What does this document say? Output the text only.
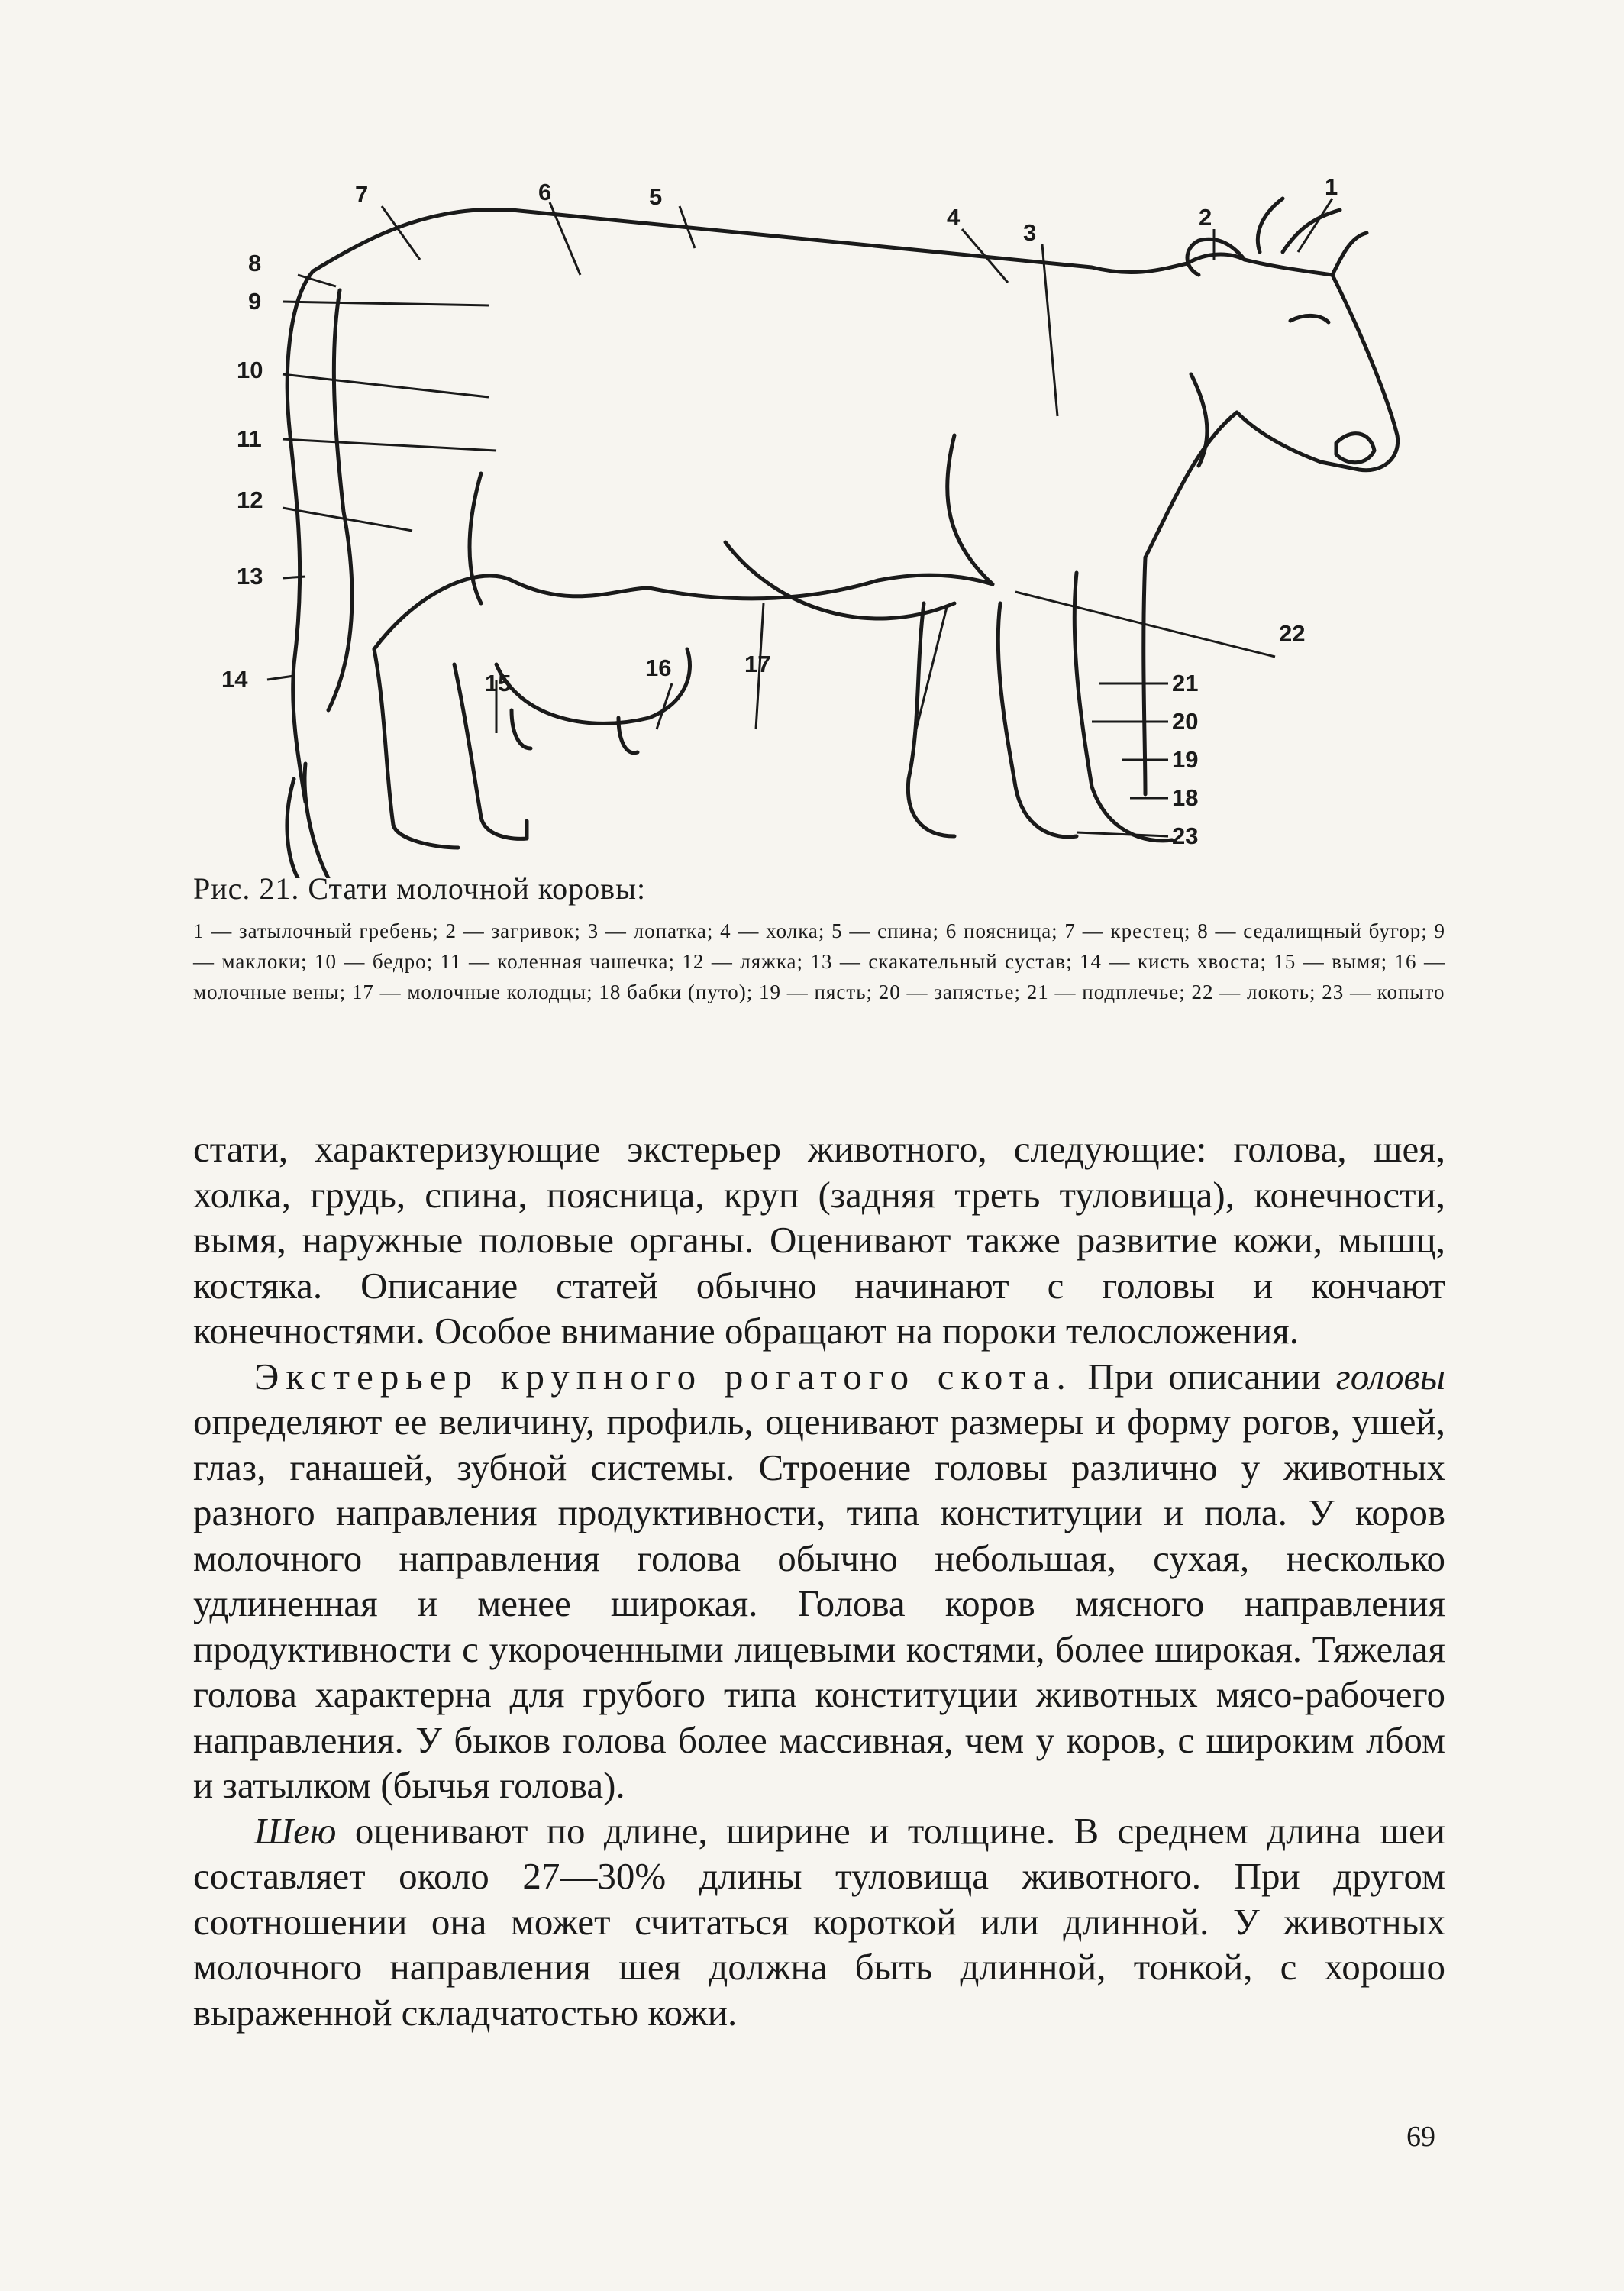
1
2
3
4
5
6
7
8
9
10
11
12
13
14	15
16	17
18
19
20
21
22
23
Рис. 21. Стати молочной коровы:
1 — затылочный гребень; 2 — загривок; 3 — лопатка; 4 — холка; 5 — спина; 6 поясница; 7 — крестец; 8 — седалищный бугор; 9 — маклоки; 10 — бедро; 11 — коленная чашечка; 12 — ляжка; 13 — скакательный сустав; 14 — кисть хвоста; 15 — вымя; 16 — молочные вены; 17 — молочные колодцы; 18 бабки (путо); 19 — пясть; 20 — запястье; 21 — подплечье; 22 — локоть; 23 — копыто

стати, характеризующие экстерьер животного, следующие: голова, шея, холка, грудь, спина, поясница, круп (задняя треть туловища), конечности, вымя, наружные половые органы. Оценивают также развитие кожи, мышц, костяка. Описание статей обычно начинают с головы и кончают конечностями. Особое внимание обращают на пороки телосложения.

Экстерьер крупного рогатого скота. При описании головы определяют ее величину, профиль, оценивают размеры и форму рогов, ушей, глаз, ганашей, зубной системы. Строение головы различно у животных разного направления продуктивности, типа конституции и пола. У коров молочного направления голова обычно небольшая, сухая, несколько удлиненная и менее широкая. Голова коров мясного направления продуктивности с укороченными лицевыми костями, более широкая. Тяжелая голова характерна для грубого типа конституции животных мясо-рабочего направления. У быков голова более массивная, чем у коров, с широким лбом и затылком (бычья голова).

Шею оценивают по длине, ширине и толщине. В среднем длина шеи составляет около 27—30% длины туловища животного. При другом соотношении она может считаться короткой или длинной. У животных молочного направления шея должна быть длинной, тонкой, с хорошо выраженной складчатостью кожи.

69
